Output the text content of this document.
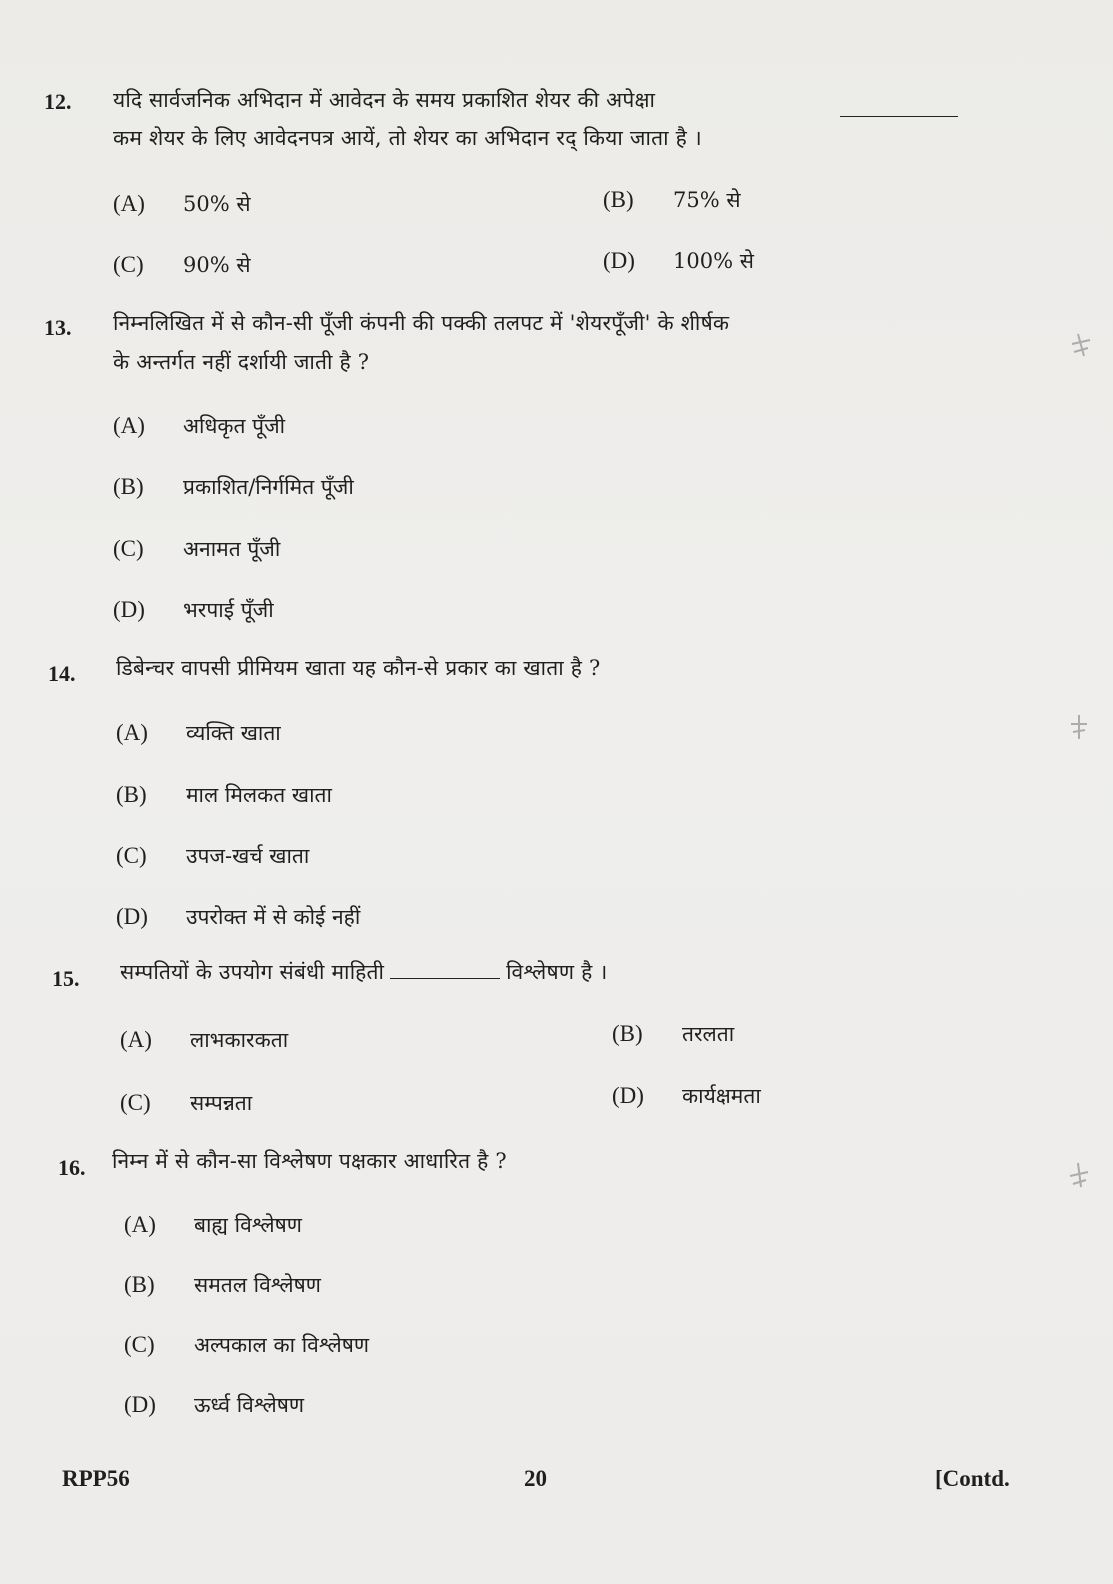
12. यदि सार्वजनिक अभिदान में आवेदन के समय प्रकाशित शेयर की अपेक्षा
कम शेयर के लिए आवेदनपत्र आयें, तो शेयर का अभिदान रद् किया जाता है ।
(A) 50% से	(B) 75% से
(C) 90% से	(D) 100% से
13. निम्नलिखित में से कौन-सी पूँजी कंपनी की पक्की तलपट में 'शेयरपूँजी' के शीर्षक
के अन्तर्गत नहीं दर्शायी जाती है ?
(A) अधिकृत पूँजी
(B) प्रकाशित/निर्गमित पूँजी
(C) अनामत पूँजी
(D) भरपाई पूँजी
14. डिबेन्चर वापसी प्रीमियम खाता यह कौन-से प्रकार का खाता है ?
(A) व्यक्ति खाता
(B) माल मिलकत खाता
(C) उपज-खर्च खाता
(D) उपरोक्त में से कोई नहीं
15. सम्पतियों के उपयोग संबंधी माहिती	विश्लेषण है ।
(A) लाभकारकता	(B) तरलता
(C) सम्पन्नता	(D) कार्यक्षमता
16. निम्न में से कौन-सा विश्लेषण पक्षकार आधारित है ?
(A) बाह्य विश्लेषण
(B) समतल विश्लेषण
(C) अल्पकाल का विश्लेषण
(D) ऊर्ध्व विश्लेषण
RPP56	20	[Contd.
